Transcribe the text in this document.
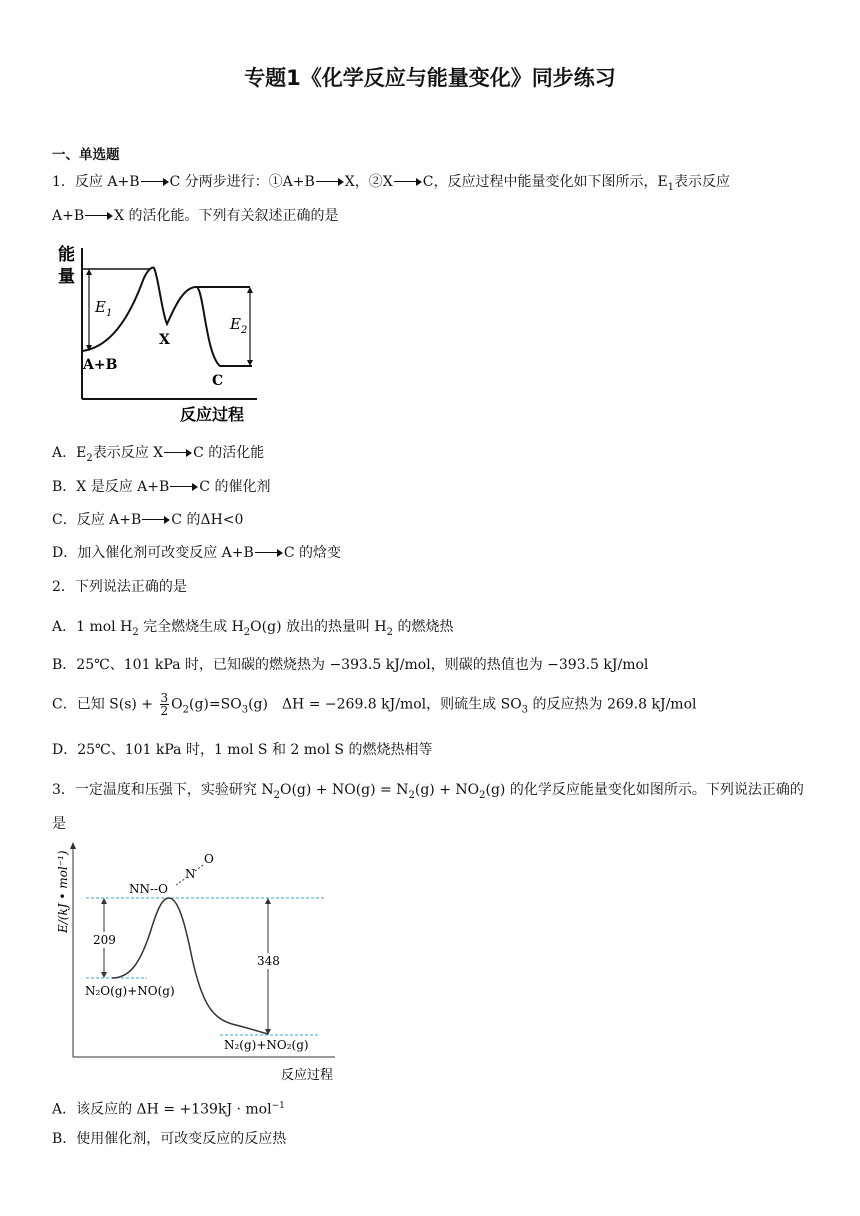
专题1《化学反应与能量变化》同步练习
一、单选题
1．反应 A+B C 分两步进行：①A+B X，②X C，反应过程中能量变化如下图所示，$E_1$表示反应
A+B X 的活化能。下列有关叙述正确的是
能
量
$E_1$
$E_2$
X
A+B
C
反应过程
A．$E_2$表示反应 X C 的活化能
B．X 是反应 A+B C 的催化剂
C．反应 A+B C 的ΔH<0
D．加入催化剂可改变反应 A+B C 的焓变
2．下列说法正确的是
A．1 mol $H_2$ 完全燃烧生成 $H_2O(g)$ 放出的热量叫 $H_2$ 的燃烧热
B．25℃、101 kPa 时，已知碳的燃烧热为 −393.5 kJ/mol，则碳的热值也为 −393.5 kJ/mol
C．已知 $S(s) + \frac{3}{2} O_2(g)=SO_3(g)$　ΔH = −269.8 kJ/mol，则硫生成 $SO_3$ 的反应热为 269.8 kJ/mol
D．25℃、101 kPa 时，1 mol S 和 2 mol S 的燃烧热相等
3．一定温度和压强下，实验研究 $N_2O(g) + NO(g) = N_2(g) + NO_2(g)$ 的化学反应能量变化如图所示。下列说法正确的
是
E/(kJ • mol⁻¹)
209
348
NN‑‑O
N
O
N₂O(g)+NO(g)
N₂(g)+NO₂(g)
反应过程
A．该反应的 ΔH = +139kJ · mol$^{-1}$
B．使用催化剂，可改变反应的反应热
